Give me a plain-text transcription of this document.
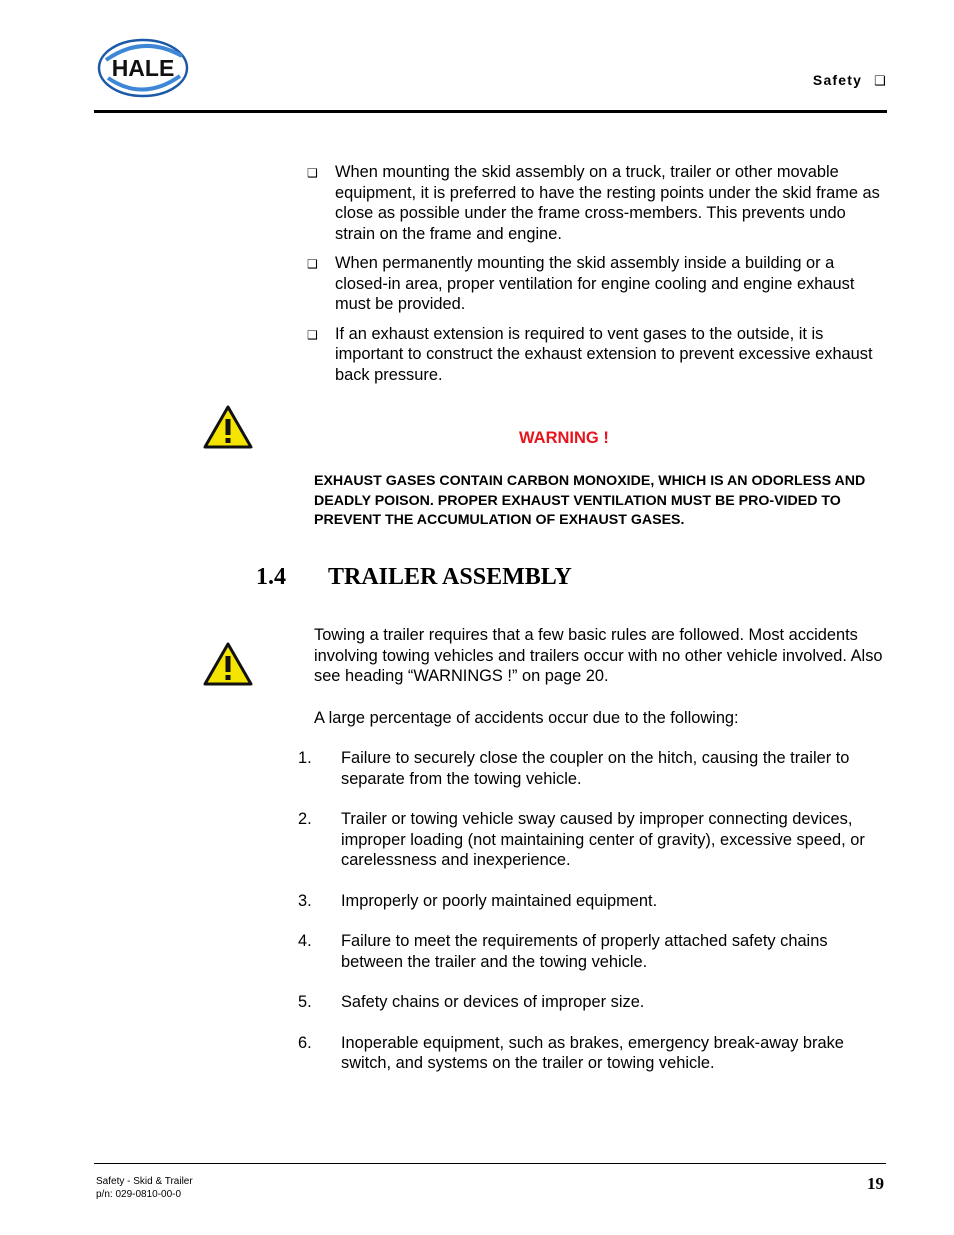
HALE	Safety ❑
❑ When mounting the skid assembly on a truck, trailer or other movable equipment, it is preferred to have the resting points under the skid frame as close as possible under the frame cross-members. This prevents undo strain on the frame and engine.
❑ When permanently mounting the skid assembly inside a building or a closed-in area, proper ventilation for engine cooling and engine exhaust must be provided.
❑ If an exhaust extension is required to vent gases to the outside, it is important to construct the exhaust extension to prevent excessive exhaust back pressure.
WARNING !
EXHAUST GASES CONTAIN CARBON MONOXIDE, WHICH IS AN ODORLESS AND DEADLY POISON. PROPER EXHAUST VENTILATION MUST BE PRO-VIDED TO PREVENT THE ACCUMULATION OF EXHAUST GASES.
1.4 TRAILER ASSEMBLY
Towing a trailer requires that a few basic rules are followed. Most accidents involving towing vehicles and trailers occur with no other vehicle involved. Also see heading “WARNINGS !” on page 20.
A large percentage of accidents occur due to the following:
1. Failure to securely close the coupler on the hitch, causing the trailer to separate from the towing vehicle.
2. Trailer or towing vehicle sway caused by improper connecting devices, improper loading (not maintaining center of gravity), excessive speed, or carelessness and inexperience.
3. Improperly or poorly maintained equipment.
4. Failure to meet the requirements of properly attached safety chains between the trailer and the towing vehicle.
5. Safety chains or devices of improper size.
6. Inoperable equipment, such as brakes, emergency break-away brake switch, and systems on the trailer or towing vehicle.
Safety - Skid & Trailer
p/n: 029-0810-00-0
19
